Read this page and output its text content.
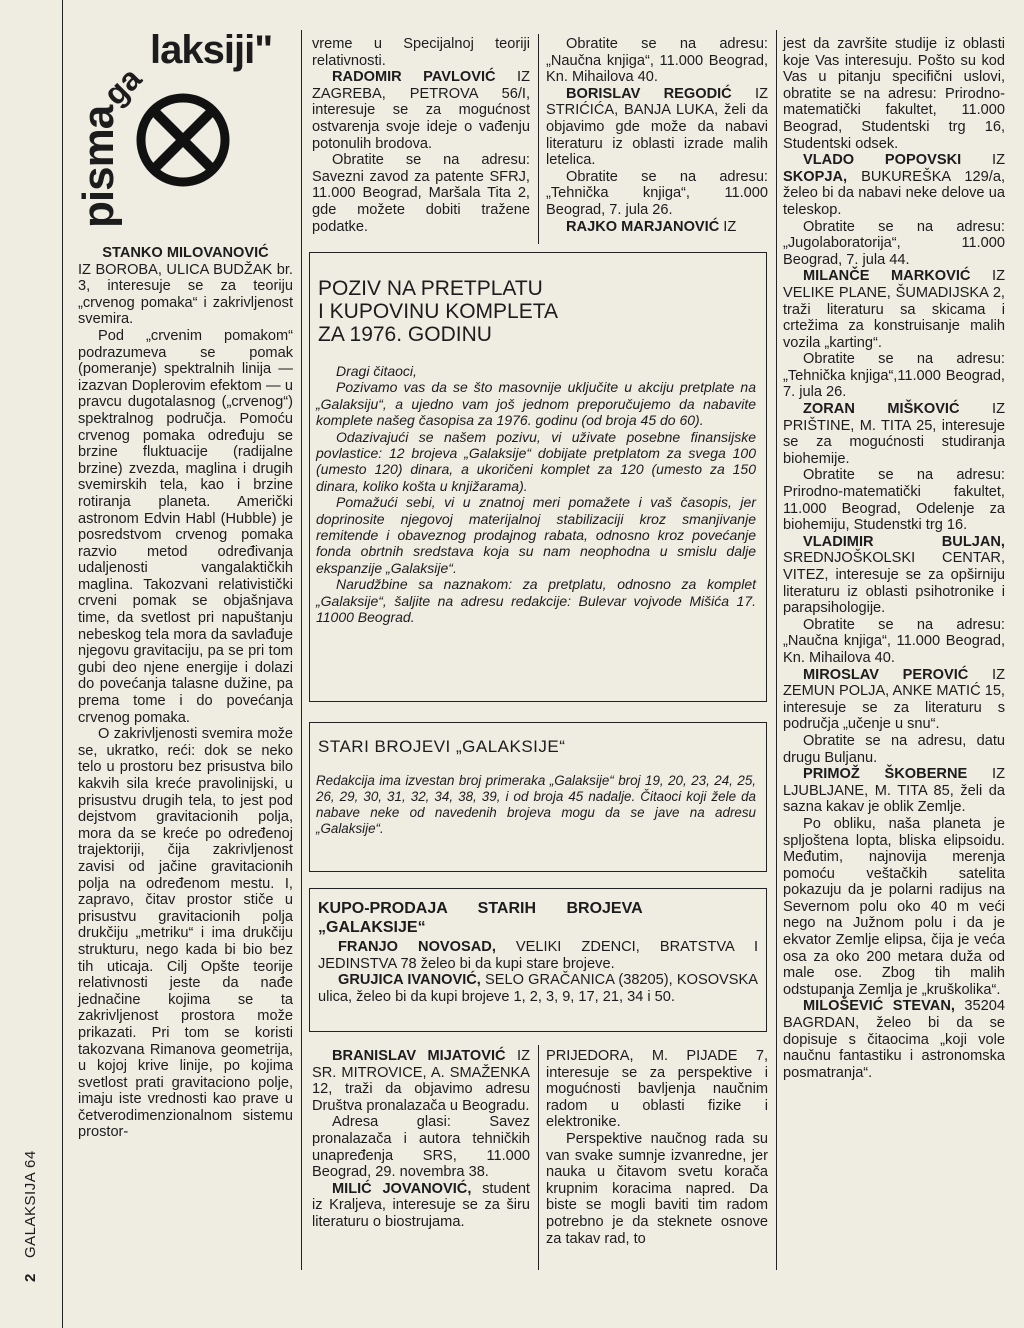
2
GALAKSIJA 64
pisma
ga
laksiji"

STANKO MILOVANOVIĆ

IZ BOROBA, ULICA BUDŽAK br. 3, interesuje se za teoriju „crvenog pomaka“ i zakrivljenost svemira.

Pod „crvenim pomakom“ podrazumeva se pomak (pomeranje) spektralnih linija — izazvan Doplerovim efektom — u pravcu dugotalasnog („crvenog“) spektralnog područja. Pomoću crvenog pomaka određuju se brzine fluktuacije (radijalne brzine) zvezda, maglina i drugih svemirskih tela, kao i brzine rotiranja planeta. Američki astronom Edvin Habl (Hubble) je posredstvom crvenog pomaka razvio metod određivanja udaljenosti vangalaktičkih maglina. Takozvani relativistički crveni pomak se objašnjava time, da svetlost pri napuštanju nebeskog tela mora da savlađuje njegovu gravitaciju, pa se pri tom gubi deo njene energije i dolazi do povećanja talasne dužine, pa prema tome i do povećanja crvenog pomaka.

O zakrivljenosti svemira može se, ukratko, reći: dok se neko telo u prostoru bez prisustva bilo kakvih sila kreće pravolinijski, u prisustvu drugih tela, to jest pod dejstvom gravitacionih polja, mora da se kreće po određenoj trajektoriji, čija zakrivljenost zavisi od jačine gravitacionih polja na određenom mestu. I, zapravo, čitav prostor stiče u prisustvu gravitacionih polja drukčiju „metriku“ i ima drukčiju strukturu, nego kada bi bio bez tih uticaja. Cilj Opšte teorije relativnosti jeste da nađe jednačine kojima se ta zakrivljenost prostora može prikazati. Pri tom se koristi takozvana Rimanova geometrija, u kojoj krive linije, po kojima svetlost prati gravitaciono polje, imaju iste vrednosti kao prave u četverodimenzionalnom sistemu prostor-

vreme u Specijalnoj teoriji relativnosti.

RADOMIR PAVLOVIĆ IZ ZAGREBA, PETROVA 56/I, interesuje se za mogućnost ostvarenja svoje ideje o vađenju potonulih brodova.

Obratite se na adresu: Savezni zavod za patente SFRJ, 11.000 Beograd, Maršala Tita 2, gde možete dobiti tražene podatke.

Obratite se na adresu: „Naučna knjiga“, 11.000 Beograd, Kn. Mihailova 40.

BORISLAV REGODIĆ IZ STRIĆIĆA, BANJA LUKA, želi da objavimo gde može da nabavi literaturu iz oblasti izrade malih letelica.

Obratite se na adresu: „Tehnička knjiga“, 11.000 Beograd, 7. jula 26.

RAJKO MARJANOVIĆ IZ

POZIV NA PRETPLATU
I KUPOVINU KOMPLETA
ZA 1976. GODINU

Dragi čitaoci,

Pozivamo vas da se što masovnije uključite u akciju pretplate na „Galaksiju“, a ujedno vam još jednom preporučujemo da nabavite komplete našeg časopisa za 1976. godinu (od broja 45 do 60).

Odazivajući se našem pozivu, vi uživate posebne finansijske povlastice: 12 brojeva „Galaksije“ dobijate pretplatom za svega 100 (umesto 120) dinara, a ukoričeni komplet za 120 (umesto za 150 dinara, koliko košta u knjižarama).

Pomažući sebi, vi u znatnoj meri pomažete i vaš časopis, jer doprinosite njegovoj materijalnoj stabilizaciji kroz smanjivanje remitende i obaveznog prodajnog rabata, odnosno kroz povećanje fonda obrtnih sredstava koja su nam neophodna u smislu dalje ekspanzije „Galaksije“.

Narudžbine sa naznakom: za pretplatu, odnosno za komplet „Galaksije“, šaljite na adresu redakcije: Bulevar vojvode Mišića 17. 11000 Beograd.

STARI BROJEVI „GALAKSIJE“
Redakcija ima izvestan broj primeraka „Galaksije“ broj 19, 20, 23, 24, 25, 26, 29, 30, 31, 32, 34, 38, 39, i od broja 45 nadalje. Čitaoci koji žele da nabave neke od navedenih brojeva mogu da se jave na adresu „Galaksije“.
KUPO-PRODAJA STARIH BROJEVA
„GALAKSIJE“

FRANJO NOVOSAD, VELIKI ZDENCI, BRATSTVA I JEDINSTVA 78 želeo bi da kupi stare brojeve.

GRUJICA IVANOVIĆ, SELO GRAČANICA (38205), KOSOVSKA ulica, želeo bi da kupi brojeve 1, 2, 3, 9, 17, 21, 34 i 50.

BRANISLAV MIJATOVIĆ IZ SR. MITROVICE, A. SMAŽENKA 12, traži da objavimo adresu Društva pronalazača u Beogradu.

Adresa glasi: Savez pronalazača i autora tehničkih unapređenja SRS, 11.000 Beograd, 29. novembra 38.

MILIĆ JOVANOVIĆ, student iz Kraljeva, interesuje se za širu literaturu o biostrujama.

PRIJEDORA, M. PIJADE 7, interesuje se za perspektive i mogućnosti bavljenja naučnim radom u oblasti fizike i elektronike.

Perspektive naučnog rada su van svake sumnje izvanredne, jer nauka u čitavom svetu korača krupnim koracima napred. Da biste se mogli baviti tim radom potrebno je da steknete osnove za takav rad, to

jest da završite studije iz oblasti koje Vas interesuju. Pošto su kod Vas u pitanju specifični uslovi, obratite se na adresu: Prirodno-matematički fakultet, 11.000 Beograd, Studentski trg 16, Studentski odsek.

VLADO POPOVSKI IZ SKOPJA, BUKUREŠKA 129/a, želeo bi da nabavi neke delove ua teleskop.

Obratite se na adresu: „Jugolaboratorija“, 11.000 Beograd, 7. jula 44.

MILANČE MARKOVIĆ IZ VELIKE PLANE, ŠUMADIJSKA 2, traži literaturu sa skicama i crtežima za konstruisanje malih vozila „karting“.

Obratite se na adresu: „Tehnička knjiga“,11.000 Beograd, 7. jula 26.

ZORAN MIŠKOVIĆ IZ PRIŠTINE, M. TITA 25, interesuje se za mogućnosti studiranja biohemije.

Obratite se na adresu: Prirodno-matematički fakultet, 11.000 Beograd, Odelenje za biohemiju, Studenstki trg 16.

VLADIMIR BULJAN, SREDNJOŠKOLSKI CENTAR, VITEZ, interesuje se za opširniju literaturu iz oblasti psihotronike i parapsihologije.

Obratite se na adresu: „Naučna knjiga“, 11.000 Beograd, Kn. Mihailova 40.

MIROSLAV PEROVIĆ IZ ZEMUN POLJA, ANKE MATIĆ 15, interesuje se za literaturu s područja „učenje u snu“.

Obratite se na adresu, datu drugu Buljanu.

PRIMOŽ ŠKOBERNE IZ LJUBLJANE, M. TITA 85, želi da sazna kakav je oblik Zemlje.

Po obliku, naša planeta je spljoštena lopta, bliska elipsoidu. Međutim, najnovija merenja pomoću veštačkih satelita pokazuju da je polarni radijus na Severnom polu oko 40 m veći nego na Južnom polu i da je ekvator Zemlje elipsa, čija je veća osa za oko 200 metara duža od male ose. Zbog tih malih odstupanja Zemlja je „kruškolika“.

MILOŠEVIĆ STEVAN, 35204 BAGRDAN, želeo bi da se dopisuje s čitaocima „koji vole naučnu fantastiku i astronomska posmatranja“.
